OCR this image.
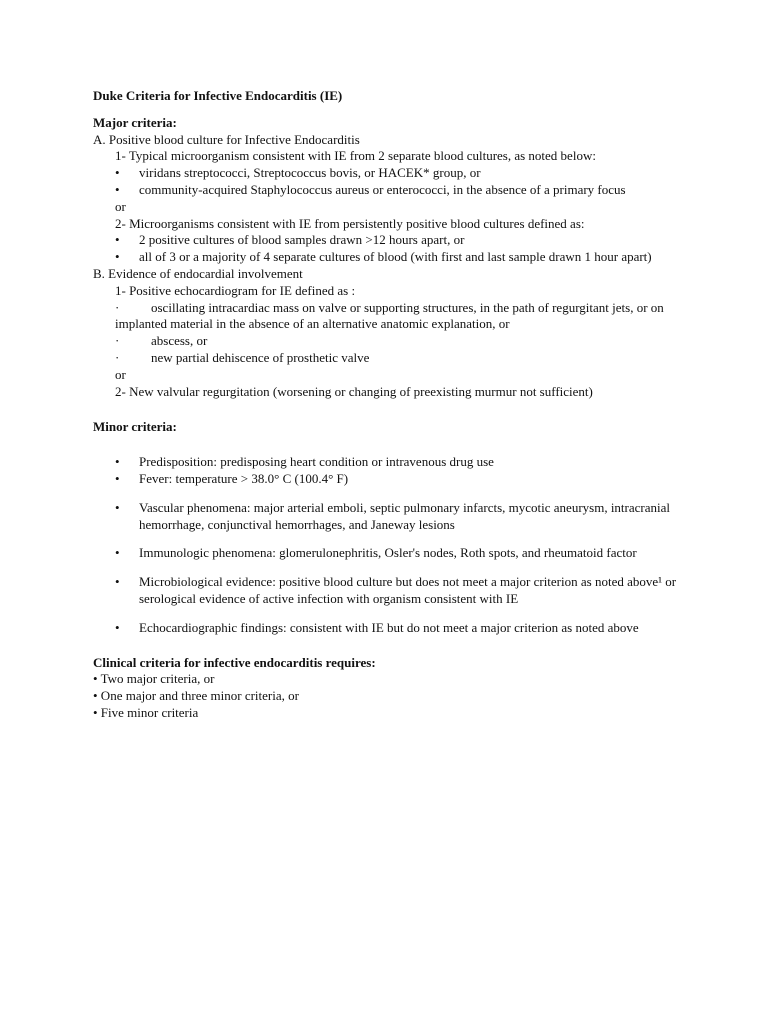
Duke Criteria for Infective Endocarditis (IE)

Major criteria:

A. Positive blood culture for Infective Endocarditis

1- Typical microorganism consistent with IE from 2 separate blood cultures, as noted below:

• viridans streptococci, Streptococcus bovis, or HACEK* group, or
• community-acquired Staphylococcus aureus or enterococci, in the absence of a primary focus

or

2- Microorganisms consistent with IE from persistently positive blood cultures defined as:

• 2 positive cultures of blood samples drawn >12 hours apart, or
• all of 3 or a majority of 4 separate cultures of blood (with first and last sample drawn 1 hour apart)

B. Evidence of endocardial involvement

1- Positive echocardiogram for IE defined as :

· oscillating intracardiac mass on valve or supporting structures, in the path of regurgitant jets, or on implanted material in the absence of an alternative anatomic explanation, or
· abscess, or
· new partial dehiscence of prosthetic valve

or

2- New valvular regurgitation (worsening or changing of preexisting murmur not sufficient)

Minor criteria:

• Predisposition: predisposing heart condition or intravenous drug use
• Fever: temperature > 38.0° C (100.4° F)
• Vascular phenomena: major arterial emboli, septic pulmonary infarcts, mycotic aneurysm, intracranial hemorrhage, conjunctival hemorrhages, and Janeway lesions
• Immunologic phenomena: glomerulonephritis, Osler's nodes, Roth spots, and rheumatoid factor
• Microbiological evidence: positive blood culture but does not meet a major criterion as noted above¹ or serological evidence of active infection with organism consistent with IE
• Echocardiographic findings: consistent with IE but do not meet a major criterion as noted above

Clinical criteria for infective endocarditis requires:

• Two major criteria, or

• One major and three minor criteria, or

• Five minor criteria
